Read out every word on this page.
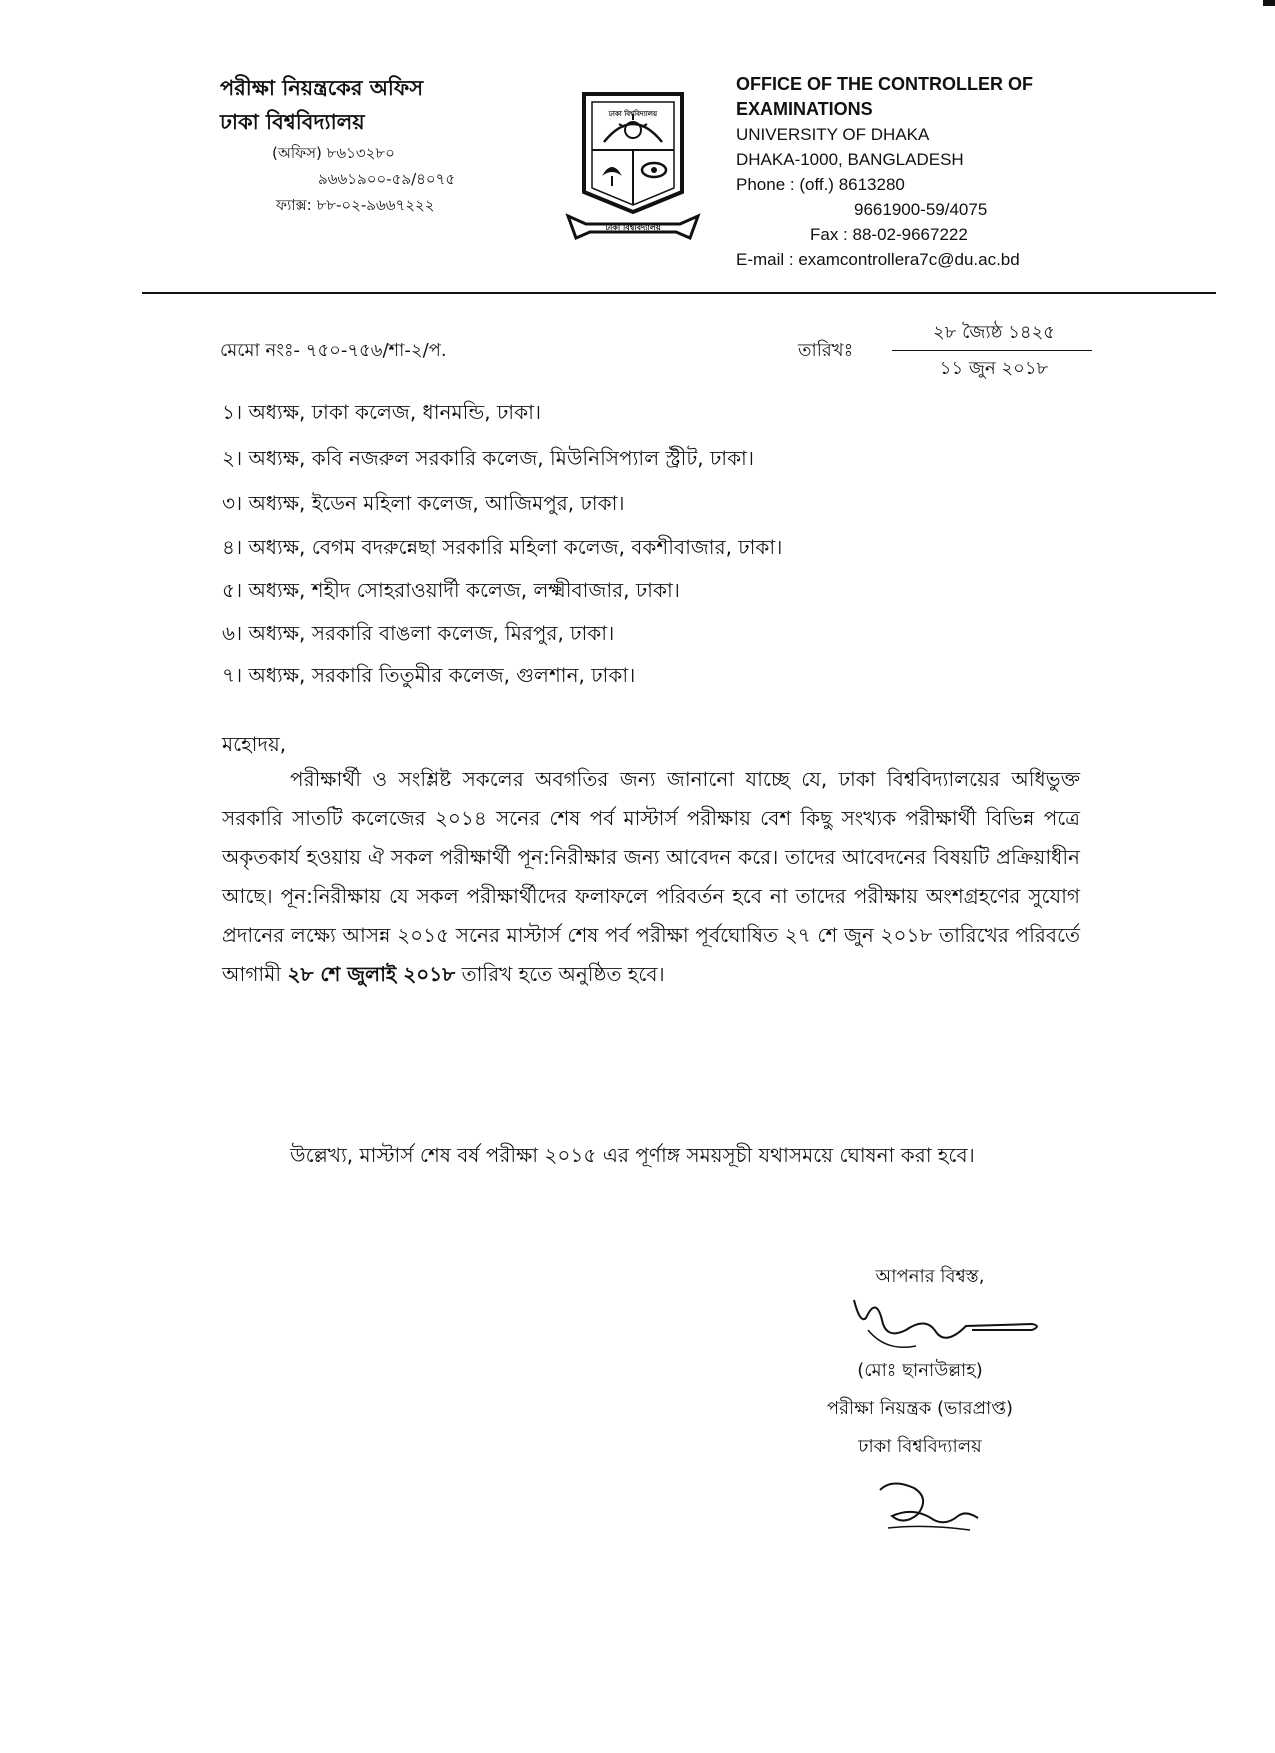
পরীক্ষা নিয়ন্ত্রকের অফিস
ঢাকা বিশ্ববিদ্যালয়
(অফিস) ৮৬১৩২৮০
৯৬৬১৯০০-৫৯/৪০৭৫
ফ্যাক্স: ৮৮-০২-৯৬৬৭২২২
ঢাকা বিশ্ববিদ্যালয়
ঢাকা বিশ্ববিদ্যালয়
OFFICE OF THE CONTROLLER OF
EXAMINATIONS
UNIVERSITY OF DHAKA
DHAKA-1000, BANGLADESH
Phone : (off.) 8613280
9661900-59/4075
Fax : 88-02-9667222
E-mail : examcontrollera7c@du.ac.bd
মেমো নংঃ- ৭৫০-৭৫৬/শা-২/প.	তারিখঃ
২৮ জ্যৈষ্ঠ ১৪২৫
১১ জুন ২০১৮
১। অধ্যক্ষ, ঢাকা কলেজ, ধানমন্ডি, ঢাকা।
২। অধ্যক্ষ, কবি নজরুল সরকারি কলেজ, মিউনিসিপ্যাল স্ট্রীট, ঢাকা।
৩। অধ্যক্ষ, ইডেন মহিলা কলেজ, আজিমপুর, ঢাকা।
৪। অধ্যক্ষ, বেগম বদরুন্নেছা সরকারি মহিলা কলেজ, বকশীবাজার, ঢাকা।
৫। অধ্যক্ষ, শহীদ সোহরাওয়ার্দী কলেজ, লক্ষ্মীবাজার, ঢাকা।
৬। অধ্যক্ষ, সরকারি বাঙলা কলেজ, মিরপুর, ঢাকা।
৭। অধ্যক্ষ, সরকারি তিতুমীর কলেজ, গুলশান, ঢাকা।
মহোদয়,
পরীক্ষার্থী ও সংশ্লিষ্ট সকলের অবগতির জন্য জানানো যাচ্ছে যে, ঢাকা বিশ্ববিদ্যালয়ের অধিভুক্ত সরকারি সাতটি কলেজের ২০১৪ সনের শেষ পর্ব মাস্টার্স পরীক্ষায় বেশ কিছু সংখ্যক পরীক্ষার্থী বিভিন্ন পত্রে অকৃতকার্য হওয়ায় ঐ সকল পরীক্ষার্থী পূন:নিরীক্ষার জন্য আবেদন করে। তাদের আবেদনের বিষয়টি প্রক্রিয়াধীন আছে। পূন:নিরীক্ষায় যে সকল পরীক্ষার্থীদের ফলাফলে পরিবর্তন হবে না তাদের পরীক্ষায় অংশগ্রহণের সুযোগ প্রদানের লক্ষ্যে আসন্ন ২০১৫ সনের মাস্টার্স শেষ পর্ব পরীক্ষা পূর্বঘোষিত ২৭ শে জুন ২০১৮ তারিখের পরিবর্তে আগামী ২৮ শে জুলাই ২০১৮ তারিখ হতে অনুষ্ঠিত হবে।
উল্লেখ্য, মাস্টার্স শেষ বর্ষ পরীক্ষা ২০১৫ এর পূর্ণাঙ্গ সময়সূচী যথাসময়ে ঘোষনা করা হবে।
আপনার বিশ্বস্ত,
(মোঃ ছানাউল্লাহ)
পরীক্ষা নিয়ন্ত্রক (ভারপ্রাপ্ত)
ঢাকা বিশ্ববিদ্যালয়
